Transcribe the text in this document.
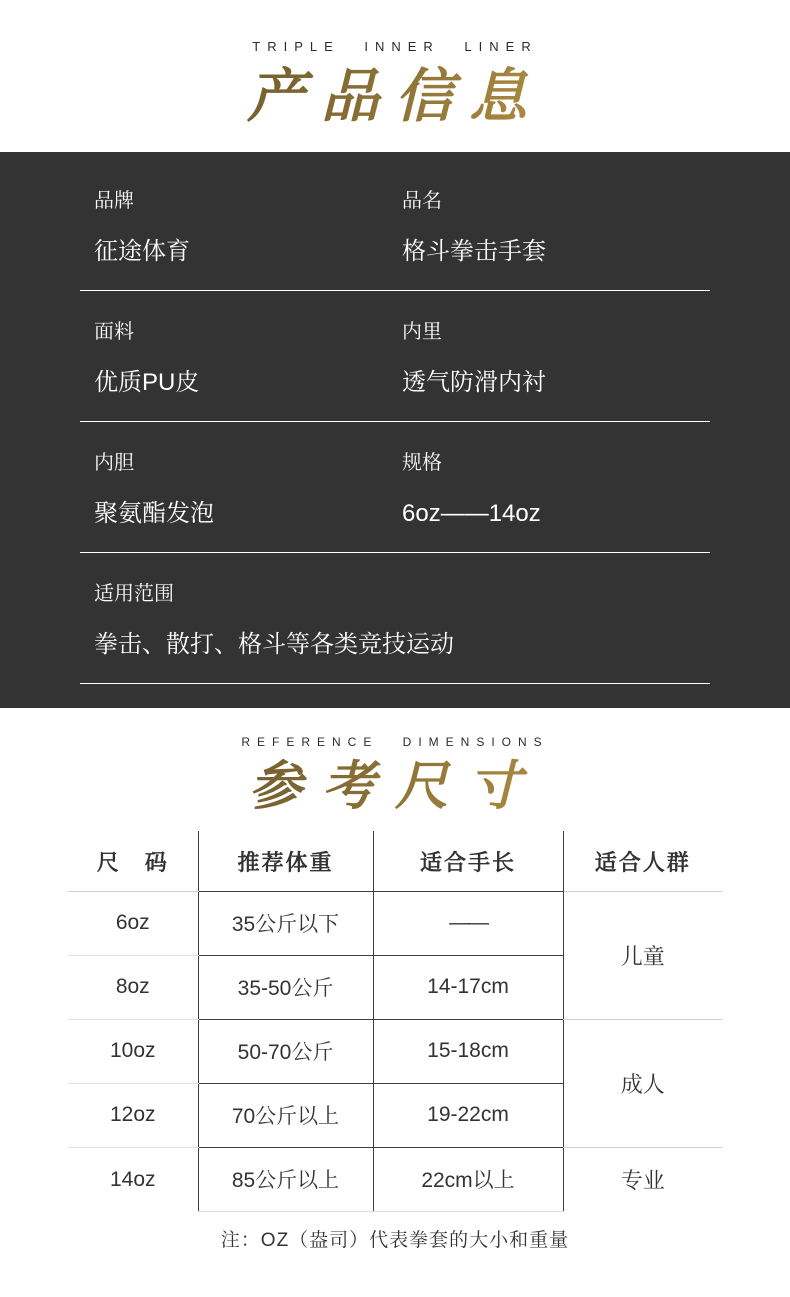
TRIPLE INNER LINER
产品信息
品牌
征途体育
品名
格斗拳击手套
面料
优质PU皮
内里
透气防滑内衬
内胆
聚氨酯发泡
规格
6oz——14oz
适用范围
拳击、散打、格斗等各类竞技运动
REFERENCE DIMENSIONS
参考尺寸
尺　码	推荐体重	适合手长	适合人群
6oz	35公斤以下	——	儿童
8oz	35-50公斤	14-17cm	
10oz	50-70公斤	15-18cm	成人
12oz	70公斤以上	19-22cm	
14oz	85公斤以上	22cm以上	专业
注：OZ（盎司）代表拳套的大小和重量
